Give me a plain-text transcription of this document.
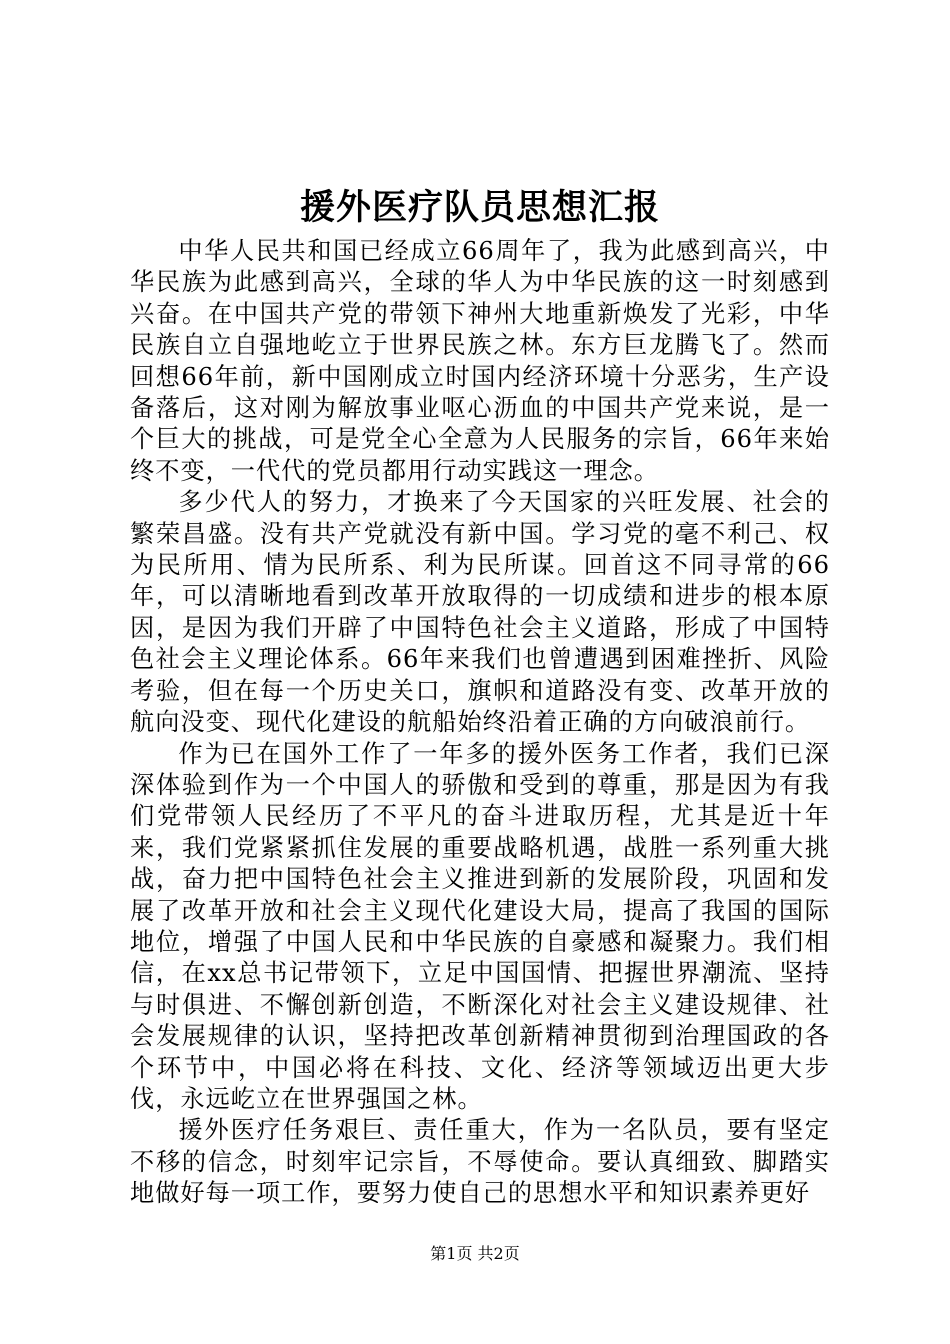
援外医疗队员思想汇报

中华人民共和国已经成立66周年了，我为此感到高兴，中华民族为此感到高兴，全球的华人为中华民族的这一时刻感到兴奋。在中国共产党的带领下神州大地重新焕发了光彩，中华民族自立自强地屹立于世界民族之林。东方巨龙腾飞了。然而回想66年前，新中国刚成立时国内经济环境十分恶劣，生产设备落后，这对刚为解放事业呕心沥血的中国共产党来说，是一个巨大的挑战，可是党全心全意为人民服务的宗旨，66年来始终不变，一代代的党员都用行动实践这一理念。

多少代人的努力，才换来了今天国家的兴旺发展、社会的繁荣昌盛。没有共产党就没有新中国。学习党的毫不利己、权为民所用、情为民所系、利为民所谋。回首这不同寻常的66年，可以清晰地看到改革开放取得的一切成绩和进步的根本原因，是因为我们开辟了中国特色社会主义道路，形成了中国特色社会主义理论体系。66年来我们也曾遭遇到困难挫折、风险考验，但在每一个历史关口，旗帜和道路没有变、改革开放的航向没变、现代化建设的航船始终沿着正确的方向破浪前行。

作为已在国外工作了一年多的援外医务工作者，我们已深深体验到作为一个中国人的骄傲和受到的尊重，那是因为有我们党带领人民经历了不平凡的奋斗进取历程，尤其是近十年来，我们党紧紧抓住发展的重要战略机遇，战胜一系列重大挑战，奋力把中国特色社会主义推进到新的发展阶段，巩固和发展了改革开放和社会主义现代化建设大局，提高了我国的国际地位，增强了中国人民和中华民族的自豪感和凝聚力。我们相信，在xx总书记带领下，立足中国国情、把握世界潮流、坚持与时俱进、不懈创新创造，不断深化对社会主义建设规律、社会发展规律的认识，坚持把改革创新精神贯彻到治理国政的各个环节中，中国必将在科技、文化、经济等领域迈出更大步伐，永远屹立在世界强国之林。

援外医疗任务艰巨、责任重大，作为一名队员，要有坚定不移的信念，时刻牢记宗旨，不辱使命。要认真细致、脚踏实地做好每一项工作，要努力使自己的思想水平和知识素养更好

第1页 共2页
